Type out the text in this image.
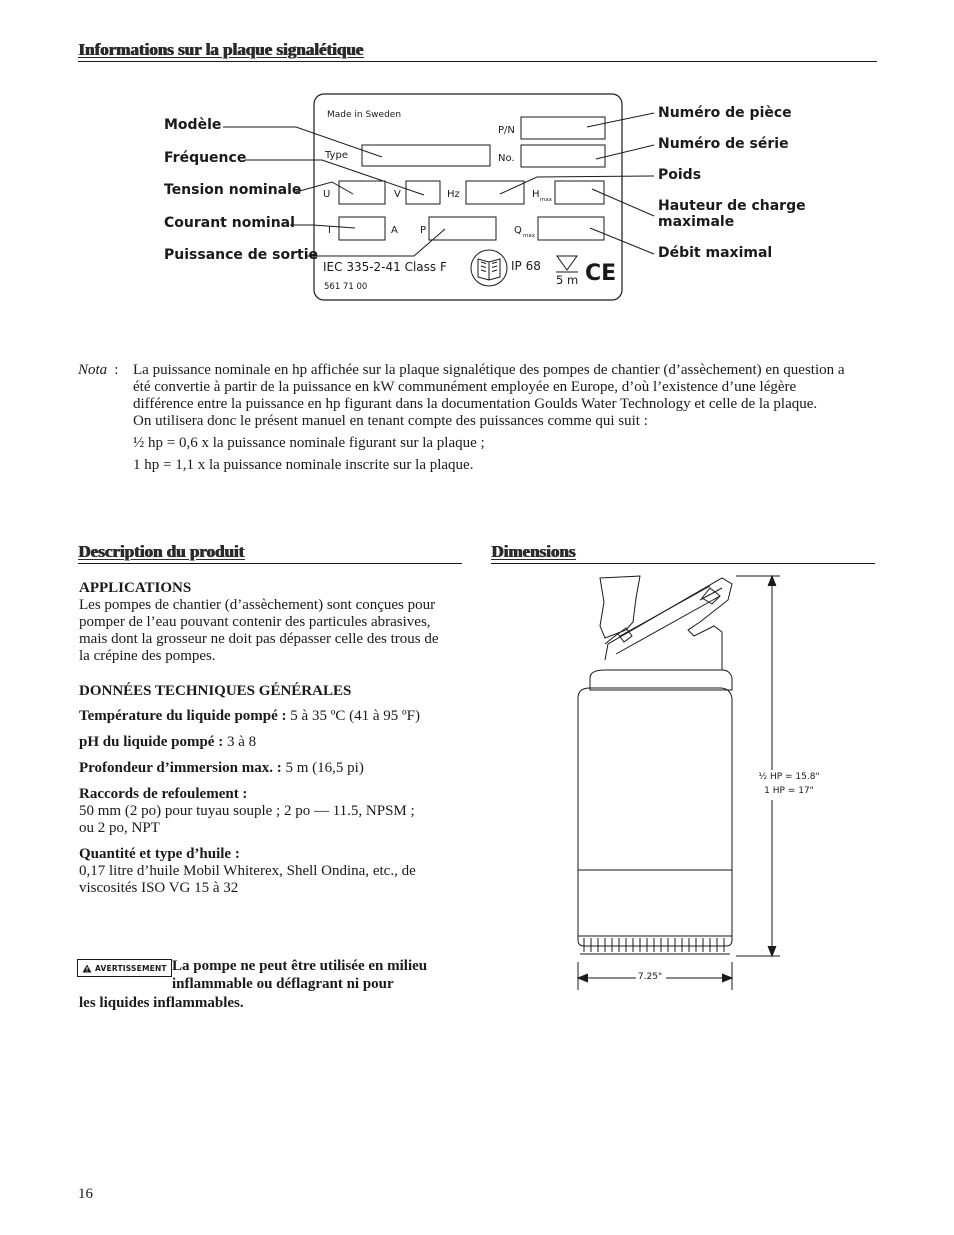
Informations sur la plaque signalétique
Modèle
Fréquence
Tension nominale
Courant nominal
Puissance de sortie
Numéro de pièce
Numéro de série
Poids
Hauteur de charge
maximale
Débit maximal
Made in Sweden
P/N
Type	No.
U	V	Hz	H max
I	A P	Q max
IEC 335-2-41 Class F
561 71 00
IP 68
5 m CE
Nota : La puissance nominale en hp affichée sur la plaque signalétique des pompes de chantier (d’assèchement) en question a

été convertie à partir de la puissance en kW communément employée en Europe, d’où l’existence d’une légère

différence entre la puissance en hp figurant dans la documentation Goulds Water Technology et celle de la plaque.

On utilisera donc le présent manuel en tenant compte des puissances comme qui suit :

½ hp = 0,6 x la puissance nominale figurant sur la plaque ;

1 hp = 1,1 x la puissance nominale inscrite sur la plaque.

Description du produit
APPLICATIONS
Les pompes de chantier (d’assèchement) sont conçues pour
pomper de l’eau pouvant contenir des particules abrasives,
mais dont la grosseur ne doit pas dépasser celle des trous de
la crépine des pompes.
DONNÉES TECHNIQUES GÉNÉRALES
Température du liquide pompé : 5 à 35 ºC (41 à 95 ºF)
pH du liquide pompé : 3 à 8
Profondeur d’immersion max. : 5 m (16,5 pi)
Raccords de refoulement :
50 mm (2 po) pour tuyau souple ; 2 po — 11.5, NPSM ;
ou 2 po, NPT
Quantité et type d’huile :
0,17 litre d’huile Mobil Whiterex, Shell Ondina, etc., de
viscosités ISO VG 15 à 32
AVERTISSEMENT La pompe ne peut être utilisée en milieu
inflammable ou déflagrant ni pour
les liquides inflammables.
Dimensions
½ HP = 15.8"
1 HP = 17"
7.25"
16
